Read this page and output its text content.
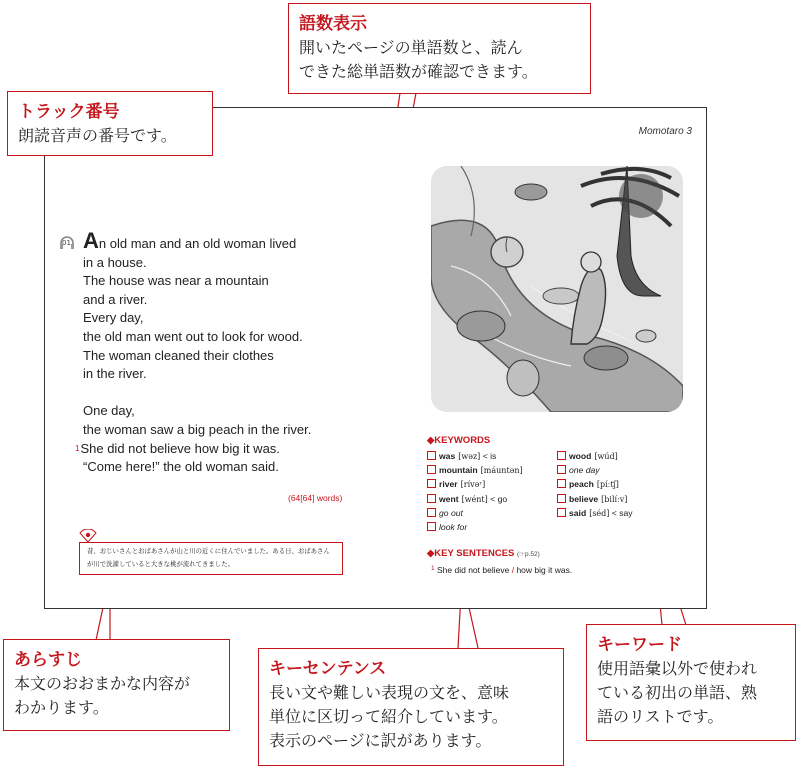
Momotaro 3
01 An old man and an old woman lived
in a house.
The house was near a mountain
and a river.
Every day,
the old man went out to look for wood.
The woman cleaned their clothes
in the river.
One day,
the woman saw a big peach in the river.
$^1$She did not believe how big it was.
“Come here!” the old woman said.
(64[64] words)
◆KEYWORDS
was [wəz] < is
mountain [máuntən]
river [rívəʳ]
went [wént] < go
go out
look for
wood [wúd]
one day
peach [píːtʃ]
believe [bilíːv]
said [séd] < say
◆KEY SENTENCES (☞p.52)
$^1$ She did not believe / how big it was.
昔、おじいさんとおばあさんが山と川の近くに住んでいました。ある日、おばあさんが川で洗濯していると大きな桃が流れてきました。
トラック番号
朗読音声の番号です。
語数表示
開いたページの単語数と、読ん
できた総単語数が確認できます。
あらすじ
本文のおおまかな内容が
わかります。
キーセンテンス
長い文や難しい表現の文を、意味
単位に区切って紹介しています。
表示のページに訳があります。
キーワード
使用語彙以外で使われ
ている初出の単語、熟
語のリストです。
